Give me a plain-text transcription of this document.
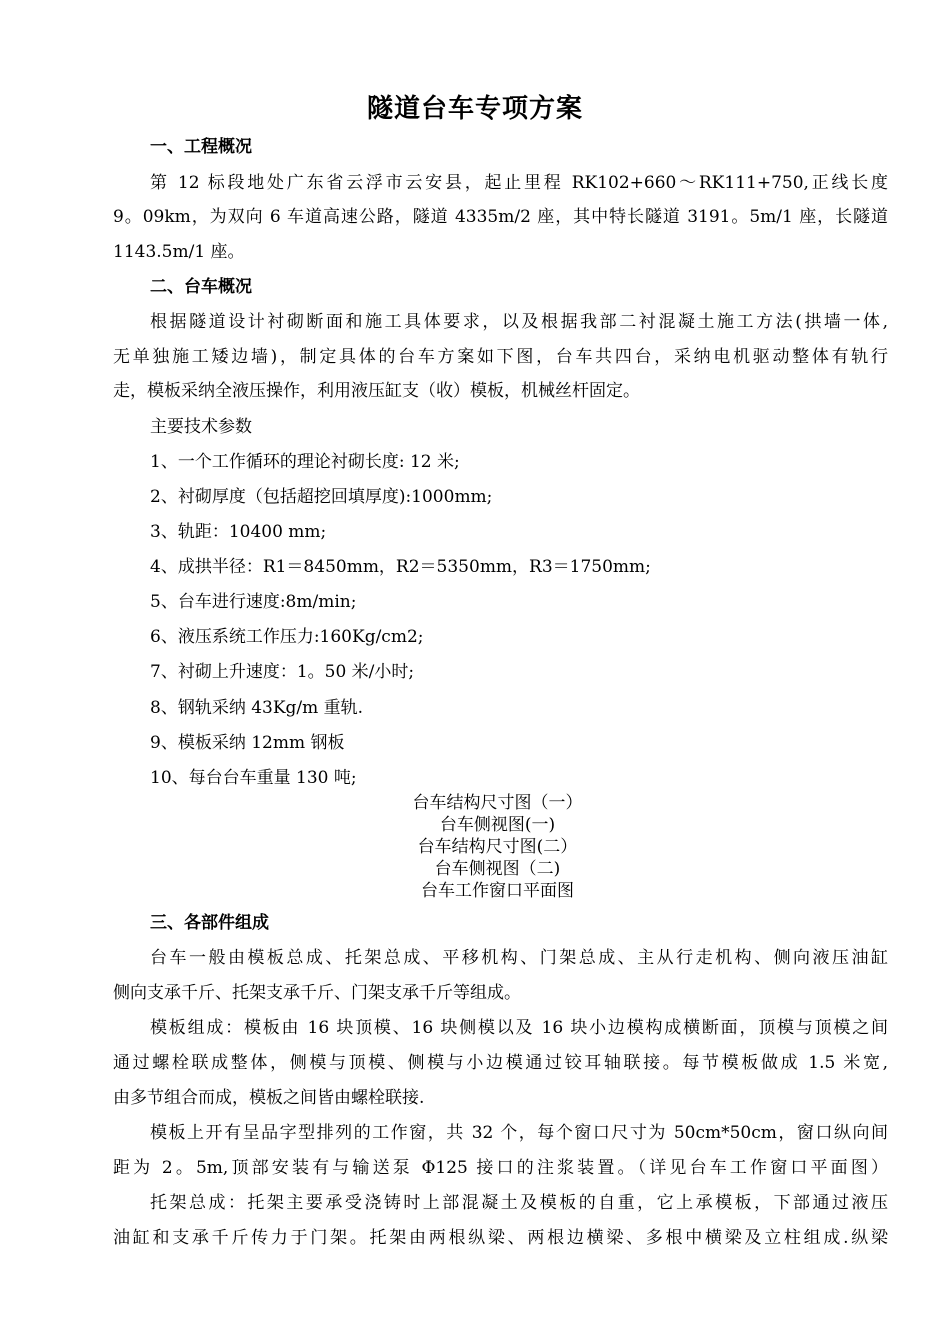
隧道台车专项方案
一、工程概况
第 12 标段地处广东省云浮市云安县，起止里程 RK102+660～RK111+750,正线长度
9。09km，为双向 6 车道高速公路，隧道 4335m/2 座，其中特长隧道 3191。5m/1 座，长隧道
1143.5m/1 座。
二、台车概况
根据隧道设计衬砌断面和施工具体要求，以及根据我部二衬混凝土施工方法(拱墙一体,
无单独施工矮边墙)，制定具体的台车方案如下图，台车共四台，采纳电机驱动整体有轨行
走，模板采纳全液压操作，利用液压缸支（收）模板，机械丝杆固定。
主要技术参数
1、一个工作循环的理论衬砌长度: 12 米;
2、衬砌厚度（包括超挖回填厚度):1000mm;
3、轨距：10400 mm;
4、成拱半径：R1＝8450mm，R2＝5350mm，R3＝1750mm;
5、台车进行速度:8m/min;
6、液压系统工作压力:160Kg/cm2;
7、衬砌上升速度：1。50 米/小时;
8、钢轨采纳 43Kg/m 重轨.
9、模板采纳 12mm 钢板
10、每台台车重量 130 吨;
台车结构尺寸图（一）
台车侧视图(一)
台车结构尺寸图(二）
台车侧视图（二)
台车工作窗口平面图
三、各部件组成
台车一般由模板总成、托架总成、平移机构、门架总成、主从行走机构、侧向液压油缸
侧向支承千斤、托架支承千斤、门架支承千斤等组成。
模板组成：模板由 16 块顶模、16 块侧模以及 16 块小边模构成横断面，顶模与顶模之间
通过螺栓联成整体，侧模与顶模、侧模与小边模通过铰耳轴联接。每节模板做成 1.5 米宽,
由多节组合而成，模板之间皆由螺栓联接.
模板上开有呈品字型排列的工作窗，共 32 个，每个窗口尺寸为 50cm*50cm，窗口纵向间
距为 2。5m,顶部安装有与输送泵 Φ125 接口的注浆装置。（详见台车工作窗口平面图）
托架总成：托架主要承受浇铸时上部混凝土及模板的自重，它上承模板，下部通过液压
油缸和支承千斤传力于门架。托架由两根纵梁、两根边横梁、多根中横梁及立柱组成.纵梁
